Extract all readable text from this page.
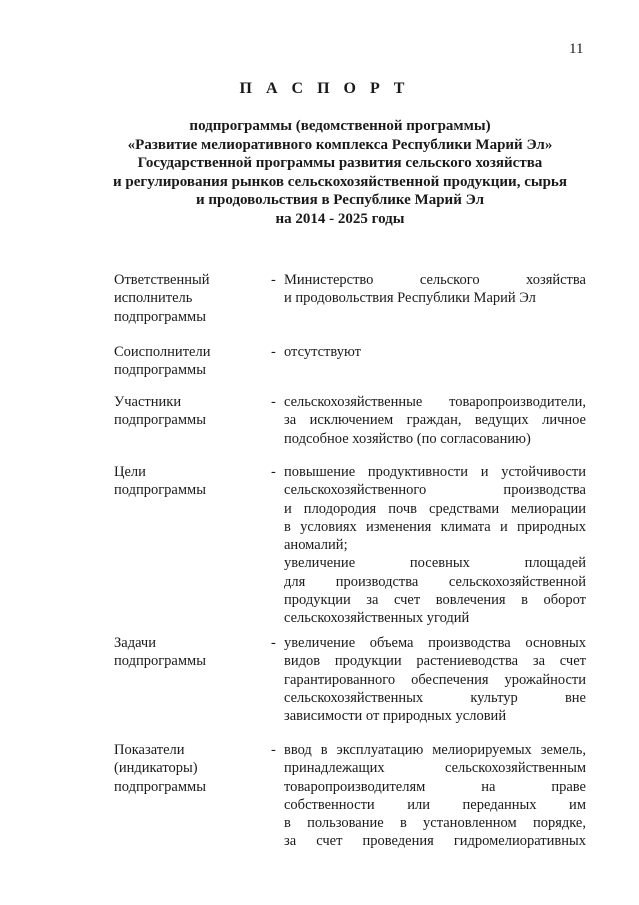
11
П А С П О Р Т
подпрограммы (ведомственной программы)
«Развитие мелиоративного комплекса Республики Марий Эл»
Государственной программы развития сельского хозяйства
и регулирования рынков сельскохозяйственной продукции, сырья
и продовольствия в Республике Марий Эл
на 2014 - 2025 годы
Ответственный
исполнитель
подпрограммы
- Министерство сельского хозяйства
и продовольствия Республики Марий Эл
Соисполнители
подпрограммы
- отсутствуют
Участники
подпрограммы
- сельскохозяйственные товаропроизводители,
за исключением граждан, ведущих личное
подсобное хозяйство (по согласованию)
Цели
подпрограммы
- повышение продуктивности и устойчивости
сельскохозяйственного производства
и плодородия почв средствами мелиорации
в условиях изменения климата и природных
аномалий;
увеличение посевных площадей
для производства сельскохозяйственной
продукции за счет вовлечения в оборот
сельскохозяйственных угодий
Задачи
подпрограммы
- увеличение объема производства основных
видов продукции растениеводства за счет
гарантированного обеспечения урожайности
сельскохозяйственных культур вне
зависимости от природных условий
Показатели
(индикаторы)
подпрограммы
- ввод в эксплуатацию мелиорируемых земель,
принадлежащих сельскохозяйственным
товаропроизводителям на праве
собственности или переданных им
в пользование в установленном порядке,
за счет проведения гидромелиоративных
